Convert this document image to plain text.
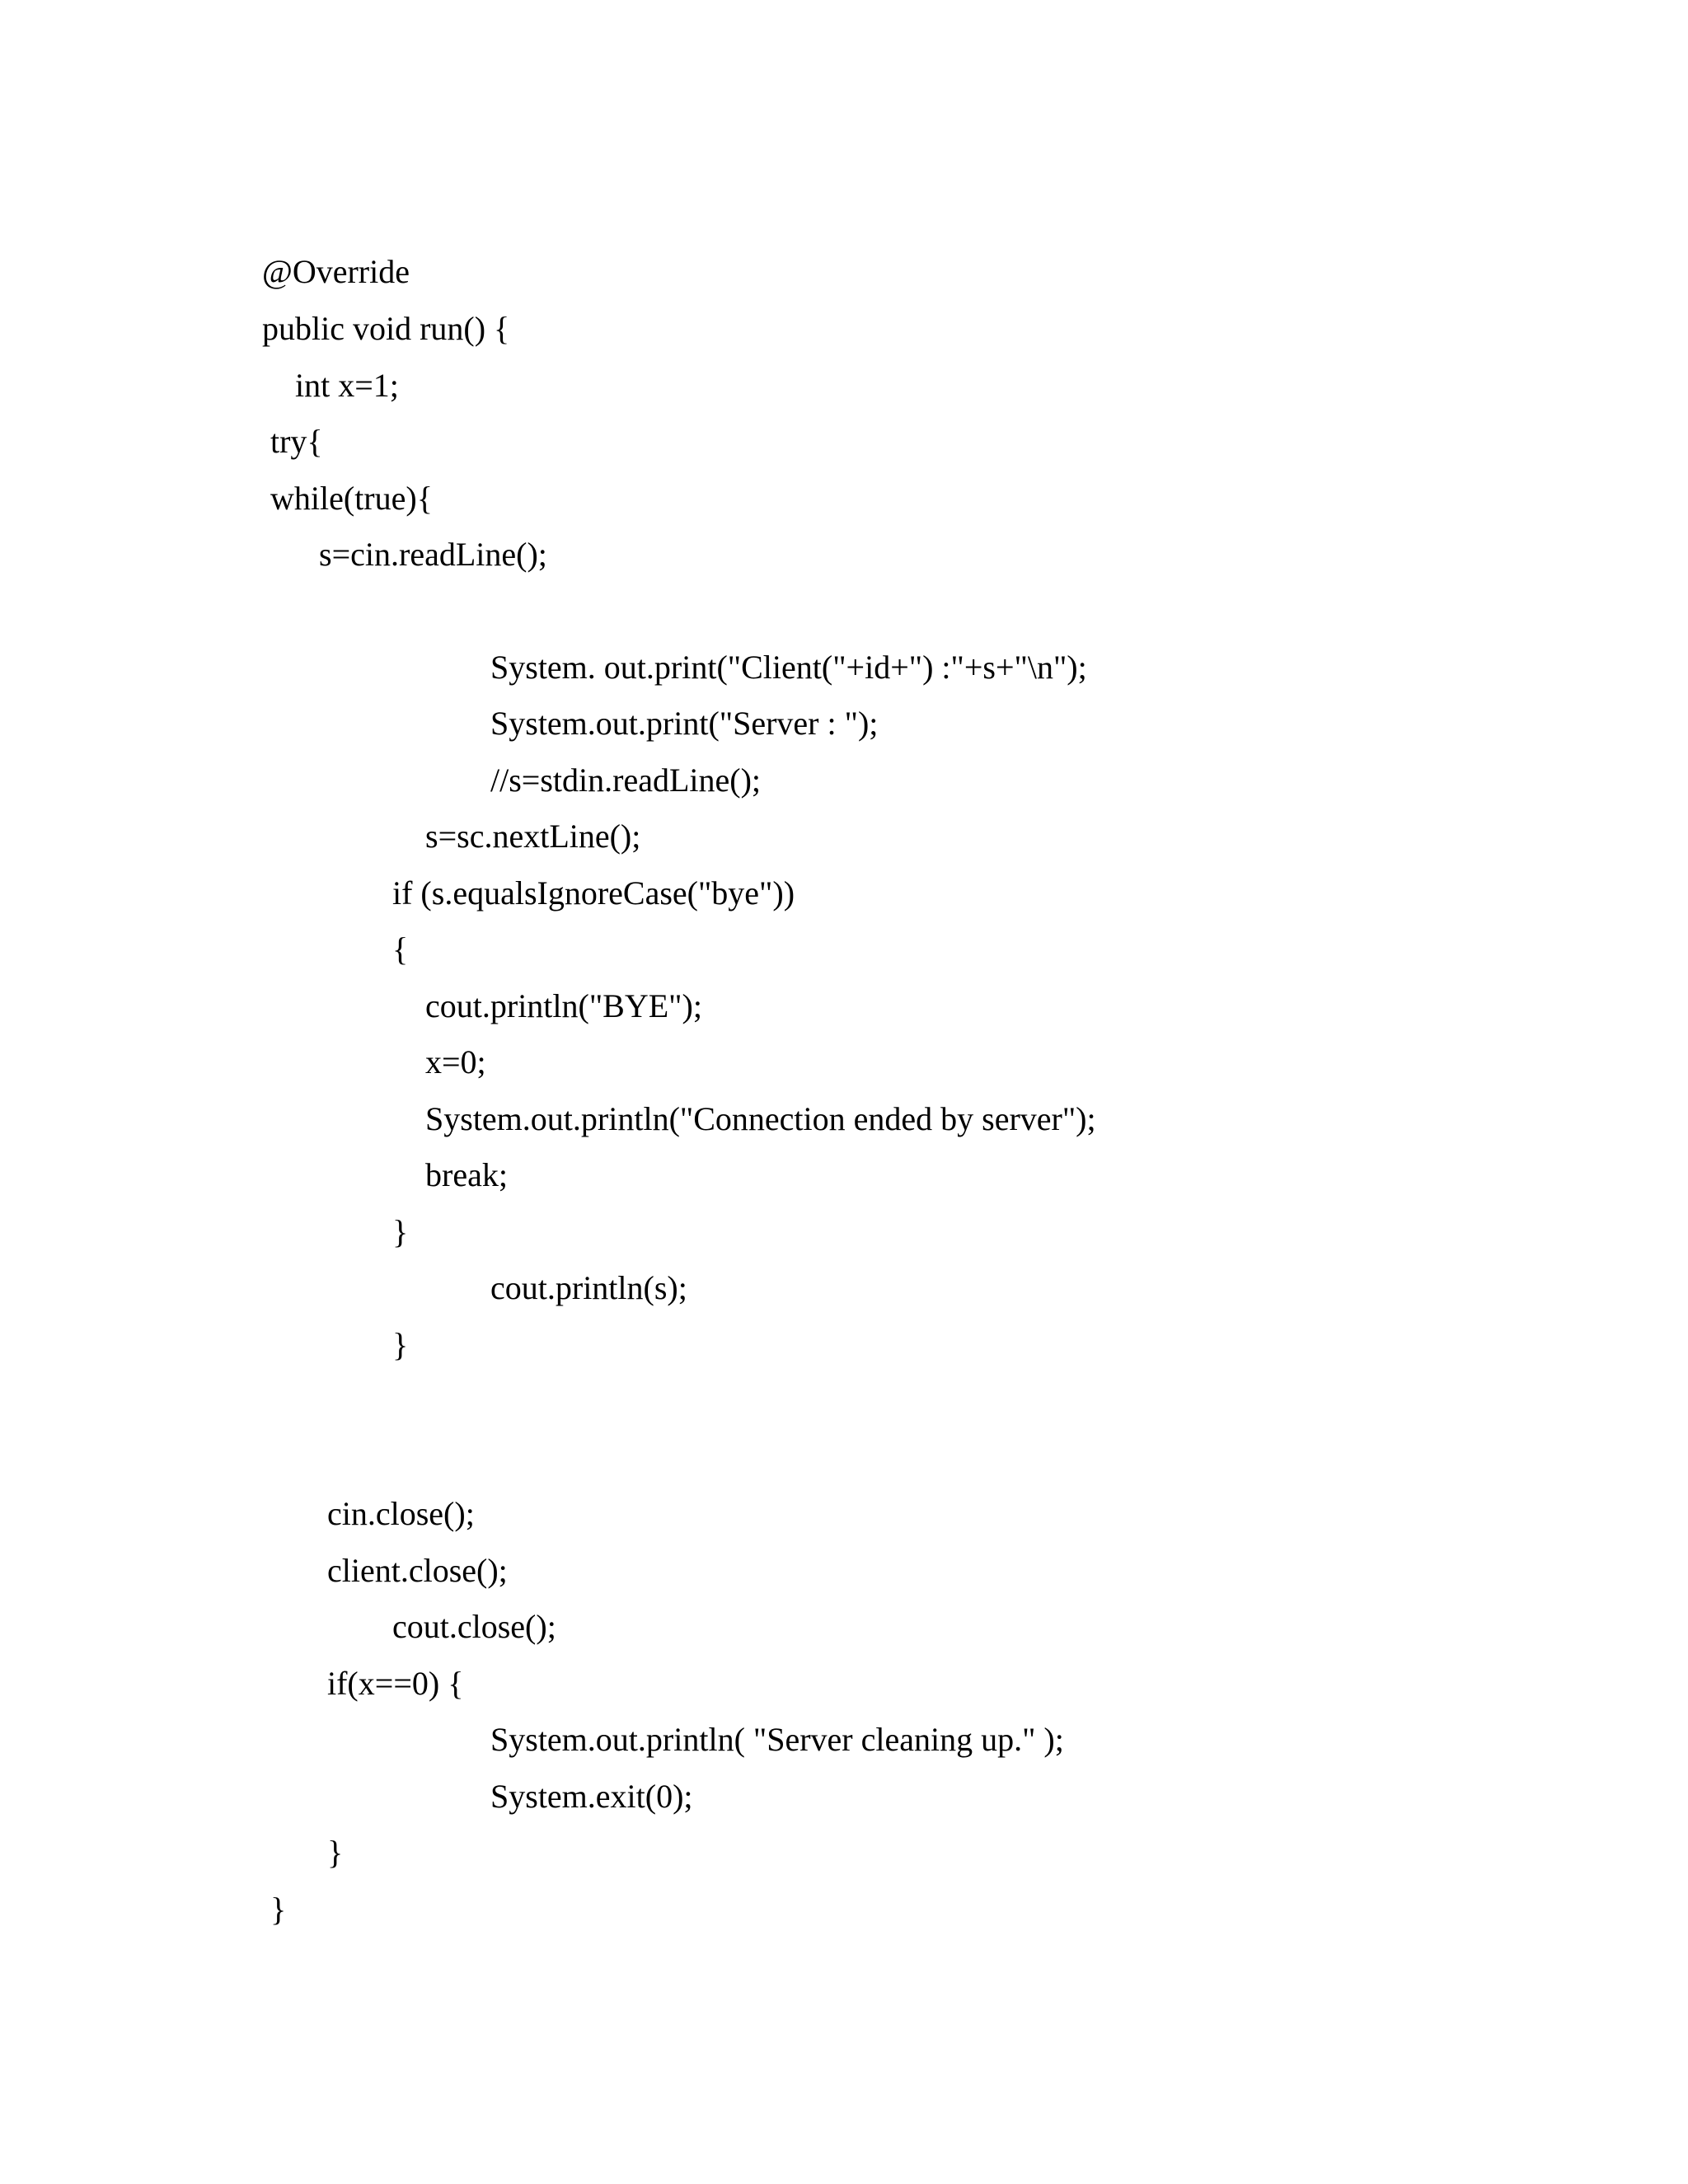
@Override
public void run() {
int x=1;
try{
while(true){
s=cin.readLine();
System. out.print("Client("+id+") :"+s+"\n");
System.out.print("Server : ");
//s=stdin.readLine();
s=sc.nextLine();
if (s.equalsIgnoreCase("bye"))
{
cout.println("BYE");
x=0;
System.out.println("Connection ended by server");
break;
}
cout.println(s);
}
cin.close();
client.close();
cout.close();
if(x==0) {
System.out.println( "Server cleaning up." );
System.exit(0);
}
}
